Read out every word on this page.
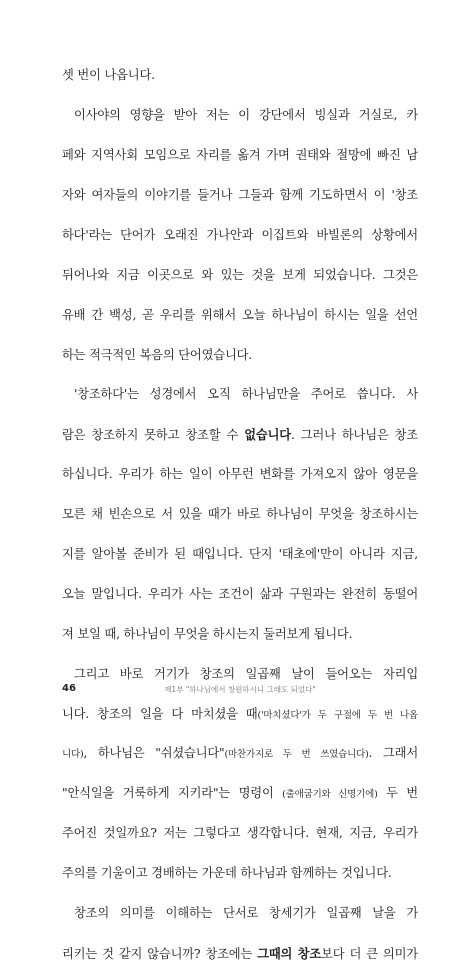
셋 번이 나옵니다.

이사야의 영향을 받아 저는 이 강단에서 빙실과 거실로, 카

페와 지역사회 모임으로 자리를 옮겨 가며 권태와 절망에 빠진 남

자와 여자들의 이야기를 들거나 그들과 함께 기도하면서 이 '창조

하다'라는 단어가 오래진 가나안과 이집트와 바빌론의 상황에서

뒤어나와 지금 이곳으로 와 있는 것을 보게 되었습니다. 그것은

유배 간 백성, 곧 우리를 위해서 오늘 하나님이 하시는 일을 선언

하는 적극적인 복음의 단어였습니다.

'창조하다'는 성경에서 오직 하나님만을 주어로 씁니다. 사

람은 창조하지 못하고 창조할 수 없습니다. 그러나 하나님은 창조

하십니다. 우리가 하는 일이 아무런 변화를 가져오지 않아 영문을

모른 채 빈손으로 서 있을 때가 바로 하나님이 무엇을 창조하시는

지를 알아볼 준비가 된 때입니다. 단지 '태초에'만이 아니라 지금,

오늘 말입니다. 우리가 사는 조건이 삶과 구원과는 완전히 동떨어

져 보일 때, 하나님이 무엇을 하시는지 둘러보게 됩니다.

그리고 바로 거기가 창조의 일곱째 날이 들어오는 자리입

니다. 창조의 일을 다 마치셨을 때('마치셨다'가 두 구절에 두 번 나옵

니다), 하나님은 "쉬셨습니다"(마찬가지로 두 번 쓰였습니다). 그래서

"안식일을 거룩하게 지키라"는 명령이 (출애굽기와 신명기에) 두 번

주어진 것일까요? 저는 그렇다고 생각합니다. 현재, 지금, 우리가

주의를 기울이고 경배하는 가운데 하나님과 함께하는 것입니다.

창조의 의미를 이해하는 단서로 창세기가 일곱째 날을 가

리키는 것 같지 않습니까? 창조에는 그때의 창조보다 더 큰 의미가

46	제1부 "하나님에서 창원하시니 그래도 되었다"
